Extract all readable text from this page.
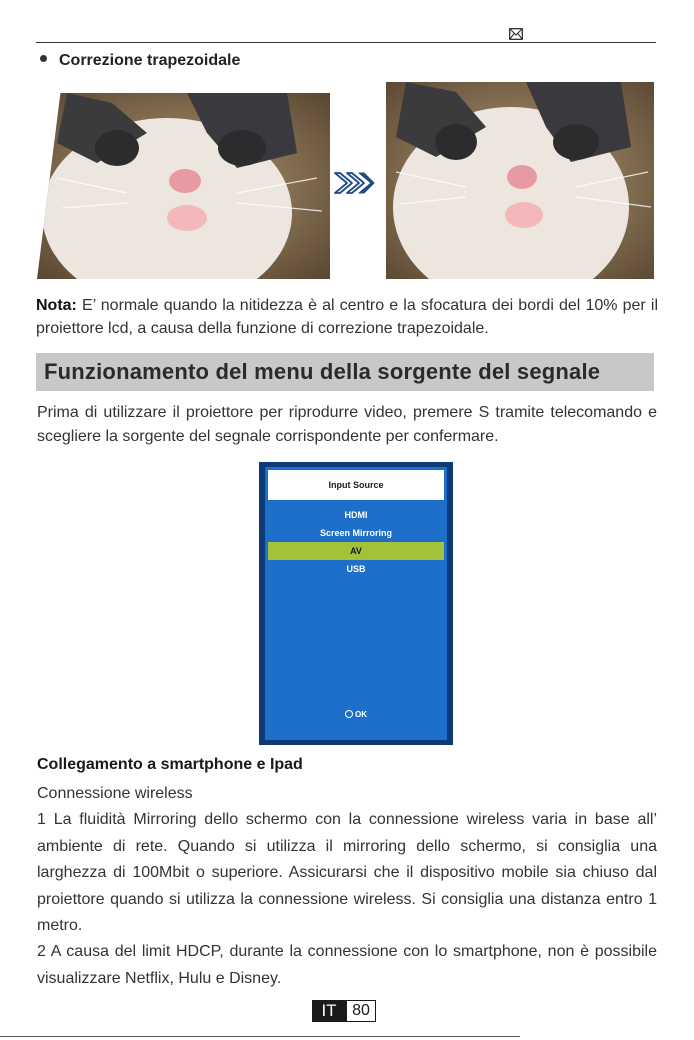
Correzione trapezoidale

Nota: E’ normale quando la nitidezza è al centro e la sfocatura dei bordi del 10% per il proiettore lcd, a causa della funzione di correzione trapezoidale.

Funzionamento del menu della sorgente del segnale

Prima di utilizzare il proiettore per riprodurre video, premere S tramite telecomando e scegliere la sorgente del segnale corrispondente per confermare.

Input Source
HDMI
Screen Mirroring
AV
USB
OK
Collegamento a smartphone e Ipad

Connessione wireless

1 La fluidità Mirroring dello schermo con la connessione wireless varia in base all’ ambiente di rete. Quando si utilizza il mirroring dello schermo, si consiglia una larghezza di 100Mbit o superiore. Assicurarsi che il dispositivo mobile sia chiuso dal proiettore quando si utilizza la connessione wireless. Si consiglia una distanza entro 1 metro.

2 A causa del limit HDCP, durante la connessione con lo smartphone, non è possibile visualizzare Netflix, Hulu e Disney.

IT 80
